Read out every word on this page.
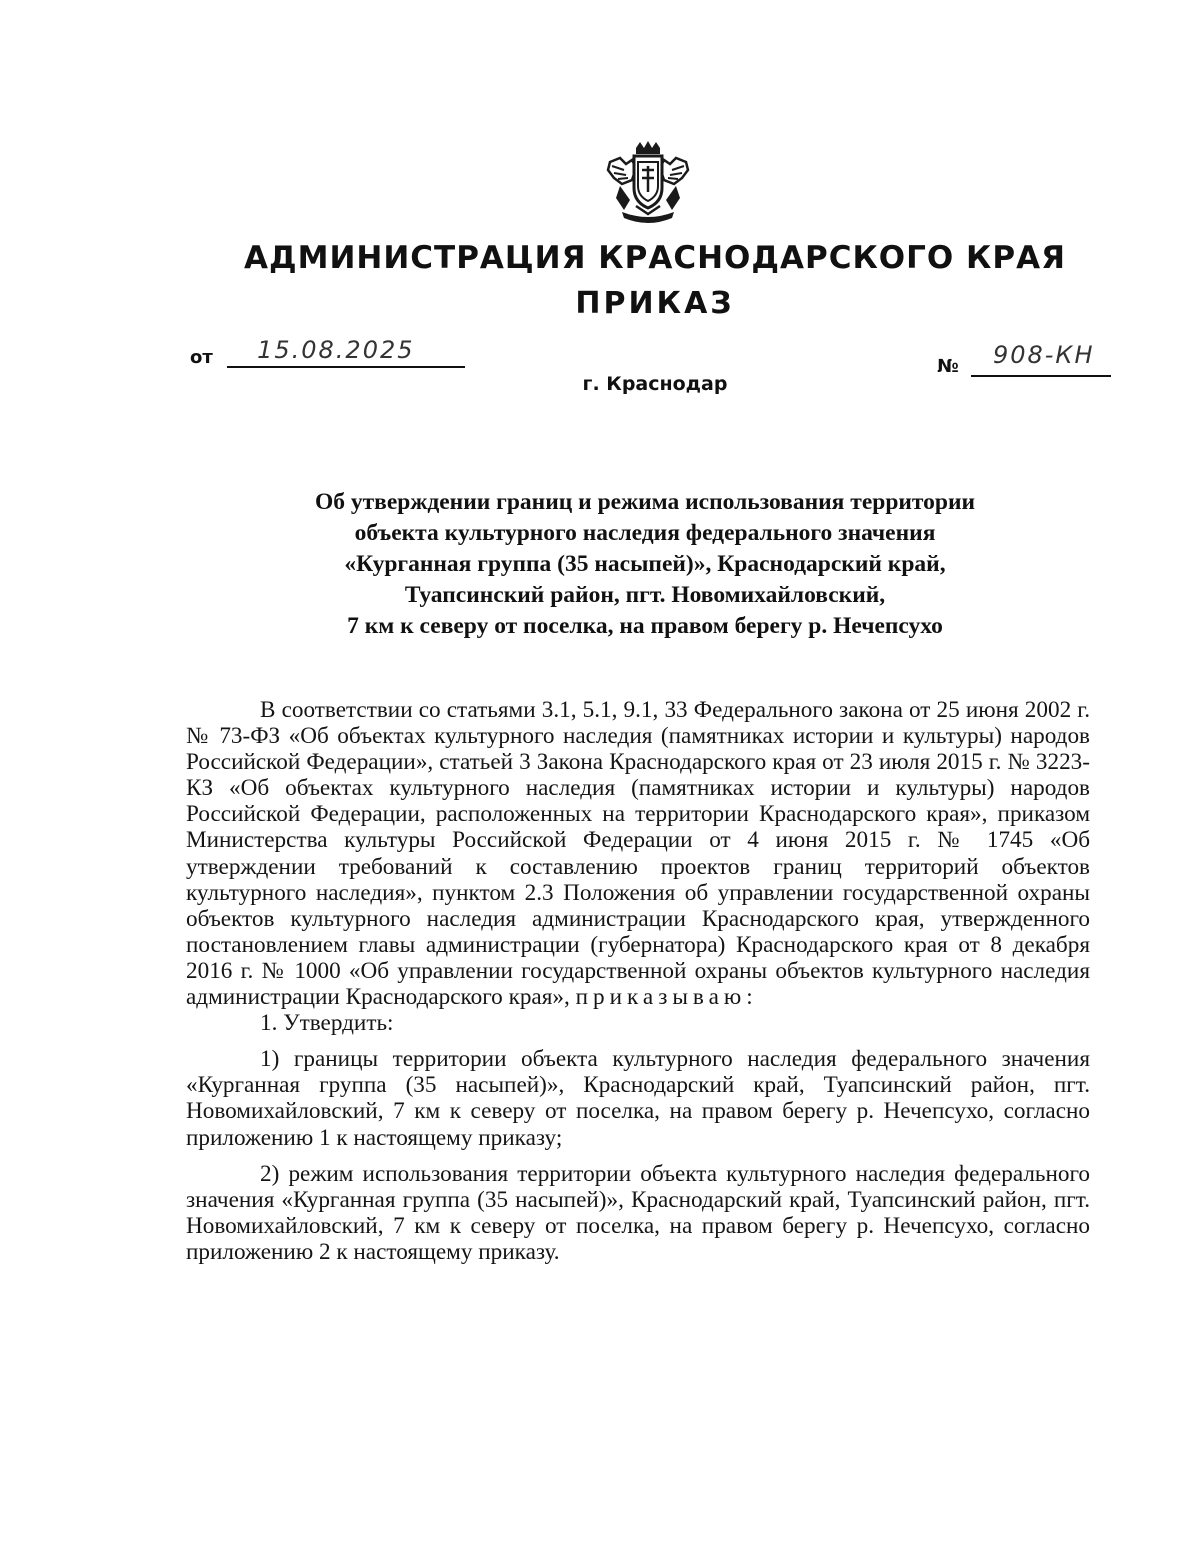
АДМИНИСТРАЦИЯ КРАСНОДАРСКОГО КРАЯ
ПРИКАЗ
от 15.08.2025
№ 908-КН
г. Краснодар
Об утверждении границ и режима использования территории
объекта культурного наследия федерального значения
«Курганная группа (35 насыпей)», Краснодарский край,
Туапсинский район, пгт. Новомихайловский,
7 км к северу от поселка, на правом берегу р. Нечепсухо

В соответствии со статьями 3.1, 5.1, 9.1, 33 Федерального закона от 25 июня 2002 г. № 73-ФЗ «Об объектах культурного наследия (памятниках истории и культуры) народов Российской Федерации», статьей 3 Закона Краснодарского края от 23 июля 2015 г. № 3223-КЗ «Об объектах культурного наследия (памятниках истории и культуры) народов Российской Федерации, расположенных на территории Краснодарского края», приказом Министерства культуры Российской Федерации от 4 июня 2015 г. № 1745 «Об утверждении требований к составлению проектов границ территорий объектов культурного наследия», пунктом 2.3 Положения об управлении государственной охраны объектов культурного наследия администрации Краснодарского края, утвержденного постановлением главы администрации (губернатора) Краснодарского края от 8 декабря 2016 г. № 1000 «Об управлении государственной охраны объектов культурного наследия администрации Краснодарского края», приказываю:

1. Утвердить:

1) границы территории объекта культурного наследия федерального значения «Курганная группа (35 насыпей)», Краснодарский край, Туапсинский район, пгт. Новомихайловский, 7 км к северу от поселка, на правом берегу р. Нечепсухо, согласно приложению 1 к настоящему приказу;

2) режим использования территории объекта культурного наследия федерального значения «Курганная группа (35 насыпей)», Краснодарский край, Туапсинский район, пгт. Новомихайловский, 7 км к северу от поселка, на правом берегу р. Нечепсухо, согласно приложению 2 к настоящему приказу.
